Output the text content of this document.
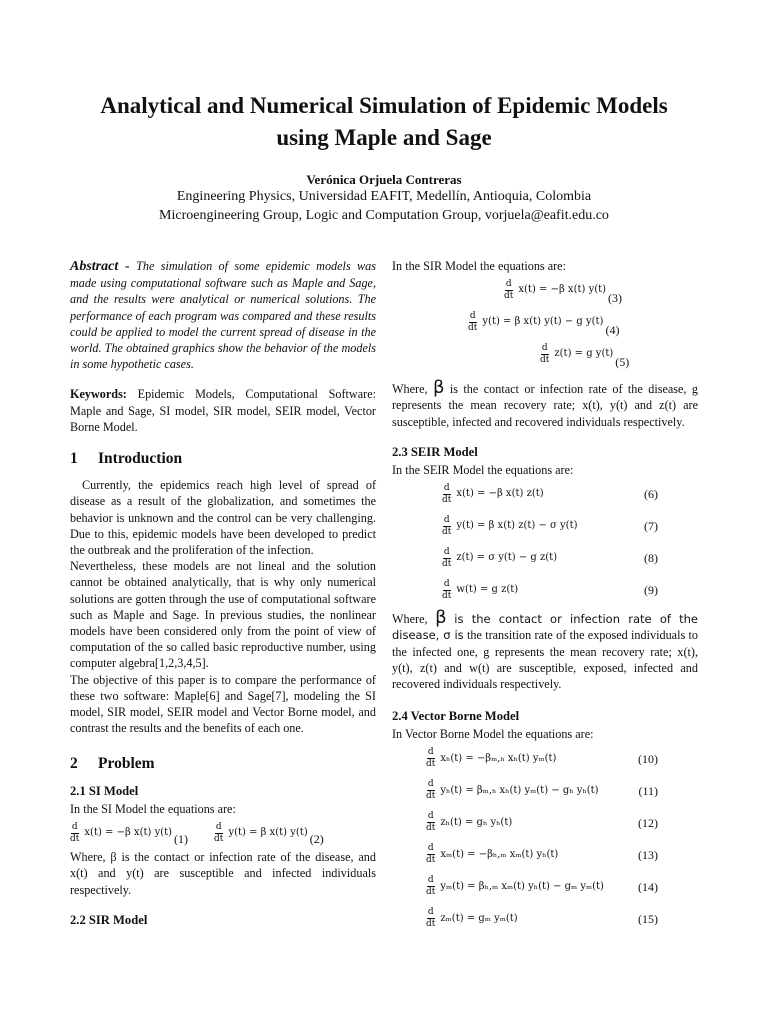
Analytical and Numerical Simulation of Epidemic Models
using Maple and Sage
Verónica Orjuela Contreras
Engineering Physics, Universidad EAFIT, Medellín, Antioquia, Colombia
Microengineering Group, Logic and Computation Group, vorjuela@eafit.edu.co

Abstract - The simulation of some epidemic models was made using computational software such as Maple and Sage, and the results were analytical or numerical solutions. The performance of each program was compared and these results could be applied to model the current spread of disease in the world. The obtained graphics show the behavior of the models in some hypothetic cases.

Keywords: Epidemic Models, Computational Software: Maple and Sage, SI model, SIR model, SEIR model, Vector Borne Model.

1 Introduction

Currently, the epidemics reach high level of spread of disease as a result of the globalization, and sometimes the behavior is unknown and the control can be very challenging. Due to this, epidemic models have been developed to predict the outbreak and the proliferation of the infection.

Nevertheless, these models are not lineal and the solution cannot be obtained analytically, that is why only numerical solutions are gotten through the use of computational software such as Maple and Sage. In previous studies, the nonlinear models have been considered only from the point of view of computation of the so called basic reproductive number, using computer algebra[1,2,3,4,5].

The objective of this paper is to compare the performance of these two software: Maple[6] and Sage[7], modeling the SI model, SIR model, SEIR model and Vector Borne model, and contrast the results and the benefits of each one.

2 Problem
2.1 SI Model

In the SI Model the equations are:

$\frac{d}{dt} x(t) = -\beta$ x(t) y(t) (1)	$\frac{d}{dt} y(t) = \beta$ x(t) y(t) (2)

Where, β is the contact or infection rate of the disease, and x(t) and y(t) are susceptible and infected individuals respectively.

2.2 SIR Model

In the SIR Model the equations are:

$\frac{d}{dt} x(t) = -\beta$ x(t) y(t)
(3)
$\frac{d}{dt} y(t) = \beta$ x(t) y(t) − g y(t)
(4)
$\frac{d}{dt} z(t) = g$ y(t)
(5)

Where, β is the contact or infection rate of the disease, g represents the mean recovery rate; x(t), y(t) and z(t) are susceptible, infected and recovered individuals respectively.

2.3 SEIR Model

In the SEIR Model the equations are:

$\frac{d}{dt} x(t) = -\beta$ x(t) z(t)	(6)
$\frac{d}{dt} y(t) = \beta$ x(t) z(t) − σ y(t)	(7)
$\frac{d}{dt} z(t) = \sigma$ y(t) − g z(t)	(8)
$\frac{d}{dt} w(t) = g$ z(t)	(9)

Where, β is the contact or infection rate of the disease, σ is the transition rate of the exposed individuals to the infected one, g represents the mean recovery rate; x(t), y(t), z(t) and w(t) are susceptible, exposed, infected and recovered individuals respectively.

2.4 Vector Borne Model

In Vector Borne Model the equations are:

$\frac{d}{dt} x_h(t) = -\beta_m,_h$ xₕ(t) yₘ(t)	(10)
$\frac{d}{dt} y_h(t) = \beta_m,_h$ xₕ(t) yₘ(t) − gₕ yₕ(t)	(11)
$\frac{d}{dt} z_h(t) = g_h$ yₕ(t)	(12)
$\frac{d}{dt} x_m(t) = -\beta_h,_m$ xₘ(t) yₕ(t)	(13)
$\frac{d}{dt} y_m(t) = \beta_h,_m$ xₘ(t) yₕ(t) − gₘ yₘ(t)	(14)
$\frac{d}{dt} z_m(t) = g_m$ yₘ(t)	(15)
